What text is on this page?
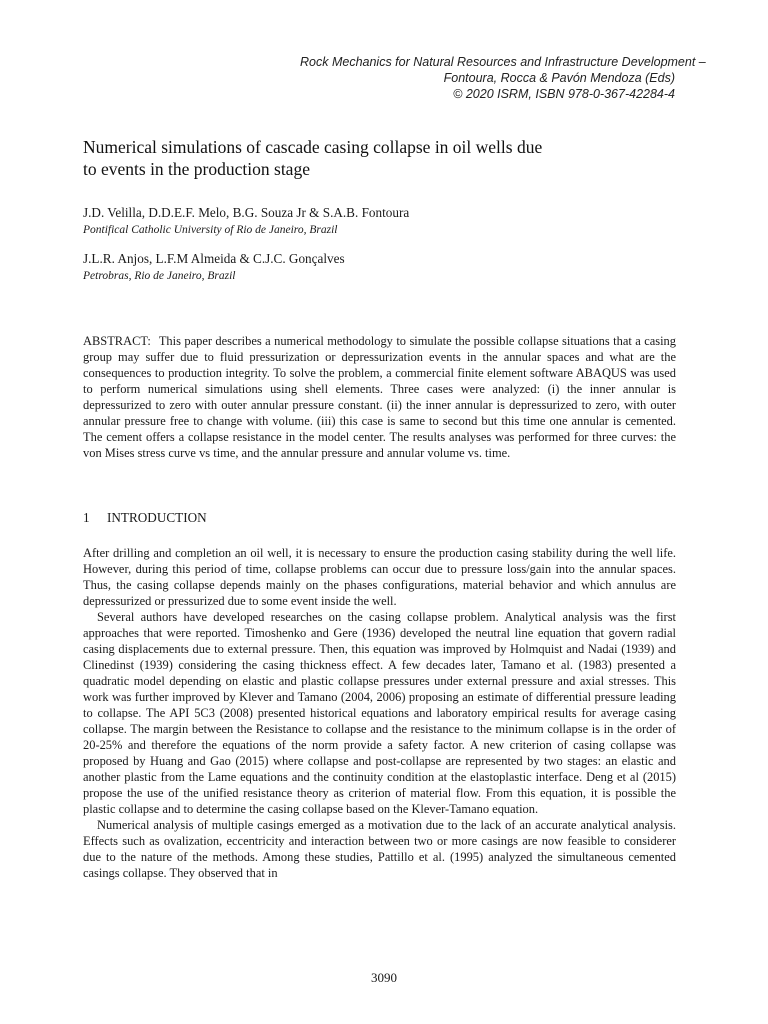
Rock Mechanics for Natural Resources and Infrastructure Development –
Fontoura, Rocca & Pavón Mendoza (Eds)
© 2020 ISRM, ISBN 978-0-367-42284-4
Numerical simulations of cascade casing collapse in oil wells due
to events in the production stage
J.D. Velilla, D.D.E.F. Melo, B.G. Souza Jr & S.A.B. Fontoura
Pontifical Catholic University of Rio de Janeiro, Brazil
J.L.R. Anjos, L.F.M Almeida & C.J.C. Gonçalves
Petrobras, Rio de Janeiro, Brazil
ABSTRACT: This paper describes a numerical methodology to simulate the possible collapse situations that a casing group may suffer due to fluid pressurization or depressurization events in the annular spaces and what are the consequences to production integrity. To solve the problem, a commercial finite element software ABAQUS was used to perform numerical simulations using shell elements. Three cases were analyzed: (i) the inner annular is depressurized to zero with outer annular pressure constant. (ii) the inner annular is depressurized to zero, with outer annular pressure free to change with volume. (iii) this case is same to second but this time one annular is cemented. The cement offers a collapse resistance in the model center. The results analyses was performed for three curves: the von Mises stress curve vs time, and the annular pressure and annular volume vs. time.
1 INTRODUCTION

After drilling and completion an oil well, it is necessary to ensure the production casing stability during the well life. However, during this period of time, collapse problems can occur due to pressure loss/gain into the annular spaces. Thus, the casing collapse depends mainly on the phases configurations, material behavior and which annulus are depressurized or pressurized due to some event inside the well.

Several authors have developed researches on the casing collapse problem. Analytical analysis was the first approaches that were reported. Timoshenko and Gere (1936) developed the neutral line equation that govern radial casing displacements due to external pressure. Then, this equation was improved by Holmquist and Nadai (1939) and Clinedinst (1939) considering the casing thickness effect. A few decades later, Tamano et al. (1983) presented a quadratic model depending on elastic and plastic collapse pressures under external pressure and axial stresses. This work was further improved by Klever and Tamano (2004, 2006) proposing an estimate of differential pressure leading to collapse. The API 5C3 (2008) presented historical equations and laboratory empirical results for average casing collapse. The margin between the Resistance to collapse and the resistance to the minimum collapse is in the order of 20-25% and therefore the equations of the norm provide a safety factor. A new criterion of casing collapse was proposed by Huang and Gao (2015) where collapse and post-collapse are represented by two stages: an elastic and another plastic from the Lame equations and the continuity condition at the elastoplastic interface. Deng et al (2015) propose the use of the unified resistance theory as criterion of material flow. From this equation, it is possible the plastic collapse and to determine the casing collapse based on the Klever-Tamano equation.

Numerical analysis of multiple casings emerged as a motivation due to the lack of an accurate analytical analysis. Effects such as ovalization, eccentricity and interaction between two or more casings are now feasible to considerer due to the nature of the methods. Among these studies, Pattillo et al. (1995) analyzed the simultaneous cemented casings collapse. They observed that in

3090
